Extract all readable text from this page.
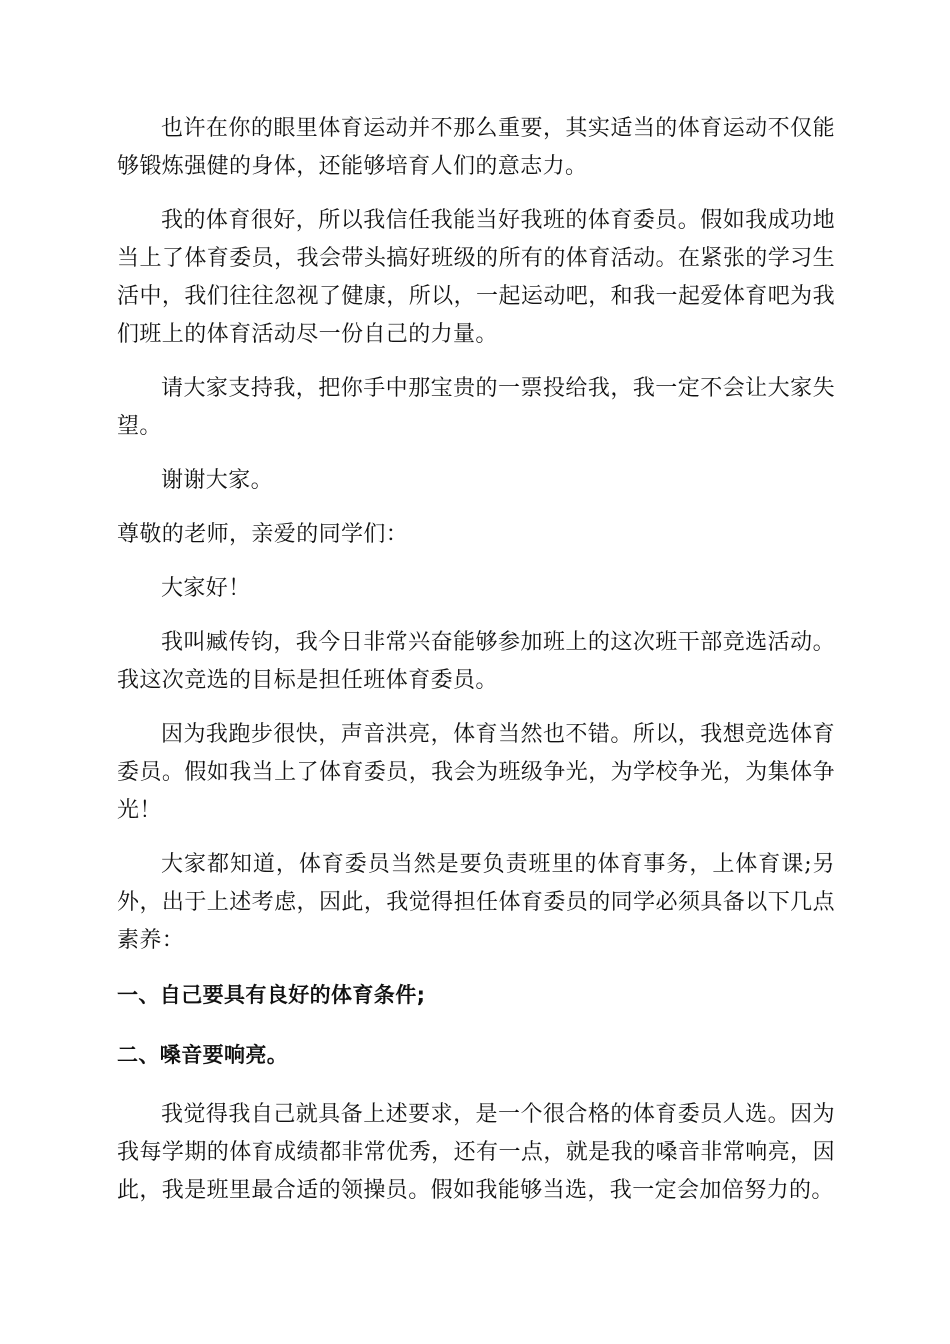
也许在你的眼里体育运动并不那么重要，其实适当的体育运动不仅能够锻炼强健的身体，还能够培育人们的意志力。

我的体育很好，所以我信任我能当好我班的体育委员。假如我成功地当上了体育委员，我会带头搞好班级的所有的体育活动。在紧张的学习生活中，我们往往忽视了健康，所以，一起运动吧，和我一起爱体育吧为我们班上的体育活动尽一份自己的力量。

请大家支持我，把你手中那宝贵的一票投给我，我一定不会让大家失望。

谢谢大家。

尊敬的老师，亲爱的同学们：

大家好！

我叫臧传钧，我今日非常兴奋能够参加班上的这次班干部竞选活动。我这次竞选的目标是担任班体育委员。

因为我跑步很快，声音洪亮，体育当然也不错。所以，我想竞选体育委员。假如我当上了体育委员，我会为班级争光，为学校争光，为集体争光！

大家都知道，体育委员当然是要负责班里的体育事务，上体育课;另外，出于上述考虑，因此，我觉得担任体育委员的同学必须具备以下几点素养：

一、自己要具有良好的体育条件;

二、嗓音要响亮。

我觉得我自己就具备上述要求，是一个很合格的体育委员人选。因为我每学期的体育成绩都非常优秀，还有一点，就是我的嗓音非常响亮，因此，我是班里最合适的领操员。假如我能够当选，我一定会加倍努力的。
